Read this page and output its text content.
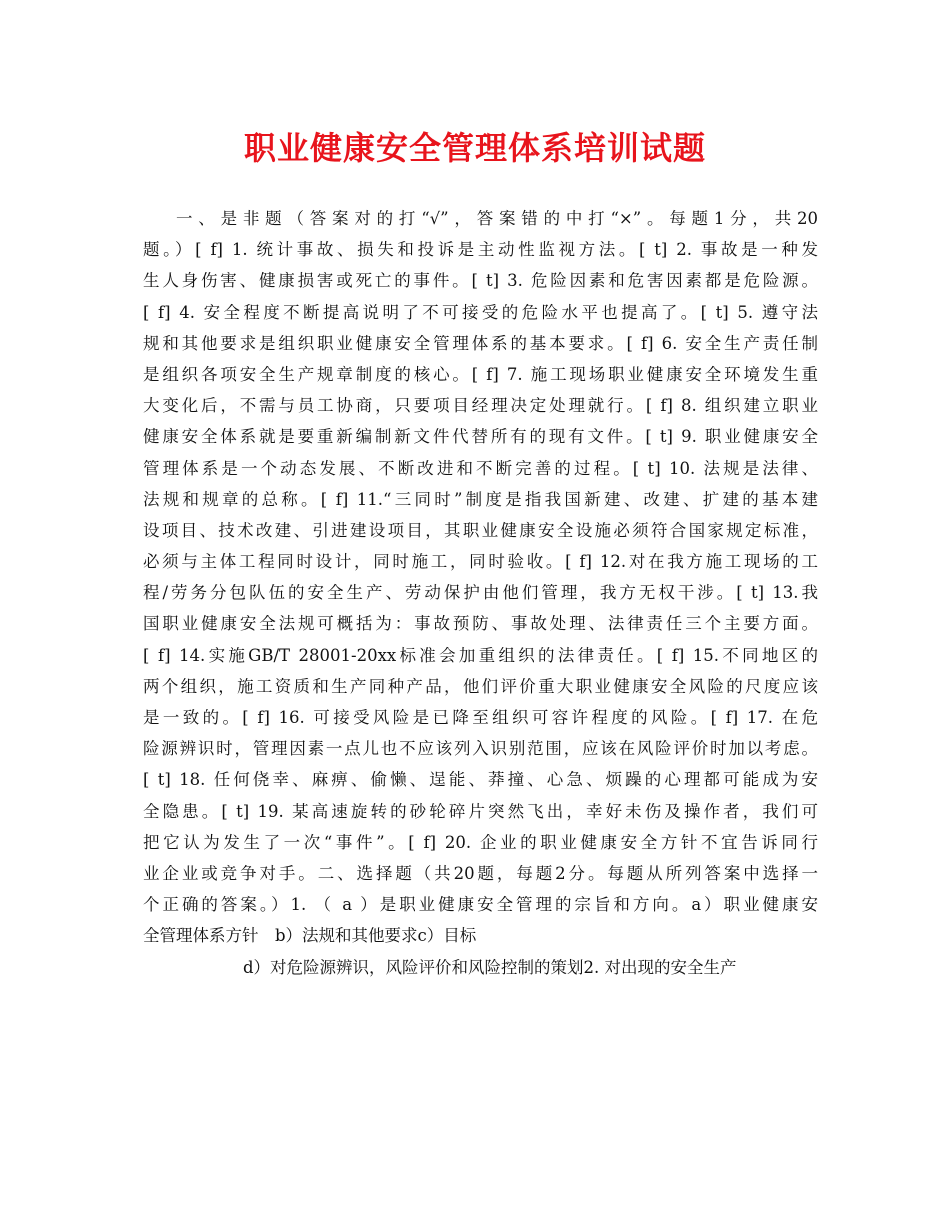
职业健康安全管理体系培训试题
一、是非题（答案对的打“√”，答案错的中打“×”。每题1分，共20
题。）[ f] 1. 统计事故、损失和投诉是主动性监视方法。[ t] 2. 事故是一种发
生人身伤害、健康损害或死亡的事件。[ t] 3. 危险因素和危害因素都是危险源。
[ f] 4. 安全程度不断提高说明了不可接受的危险水平也提高了。[ t] 5. 遵守法
规和其他要求是组织职业健康安全管理体系的基本要求。[ f] 6. 安全生产责任制
是组织各项安全生产规章制度的核心。[ f] 7. 施工现场职业健康安全环境发生重
大变化后，不需与员工协商，只要项目经理决定处理就行。[ f] 8. 组织建立职业
健康安全体系就是要重新编制新文件代替所有的现有文件。[ t] 9. 职业健康安全
管理体系是一个动态发展、不断改进和不断完善的过程。[ t] 10. 法规是法律、
法规和规章的总称。[ f] 11.“三同时”制度是指我国新建、改建、扩建的基本建
设项目、技术改建、引进建设项目，其职业健康安全设施必须符合国家规定标准，
必须与主体工程同时设计，同时施工，同时验收。[ f] 12.对在我方施工现场的工
程/劳务分包队伍的安全生产、劳动保护由他们管理，我方无权干涉。[ t] 13.我
国职业健康安全法规可概括为：事故预防、事故处理、法律责任三个主要方面。
[ f] 14.实施GB/T 28001-20xx标准会加重组织的法律责任。[ f] 15.不同地区的
两个组织，施工资质和生产同种产品，他们评价重大职业健康安全风险的尺度应该
是一致的。[ f] 16. 可接受风险是已降至组织可容许程度的风险。[ f] 17. 在危
险源辨识时，管理因素一点儿也不应该列入识别范围，应该在风险评价时加以考虑。
[ t] 18. 任何侥幸、麻痹、偷懒、逞能、莽撞、心急、烦躁的心理都可能成为安
全隐患。[ t] 19. 某高速旋转的砂轮碎片突然飞出，幸好未伤及操作者，我们可
把它认为发生了一次“事件”。[ f] 20. 企业的职业健康安全方针不宜告诉同行
业企业或竞争对手。二、选择题（共20题，每题2分。每题从所列答案中选择一
个正确的答案。）1. （ a ）是职业健康安全管理的宗旨和方向。a）职业健康安
全管理体系方针　b）法规和其他要求c）目标
d）对危险源辨识，风险评价和风险控制的策划2. 对出现的安全生产
